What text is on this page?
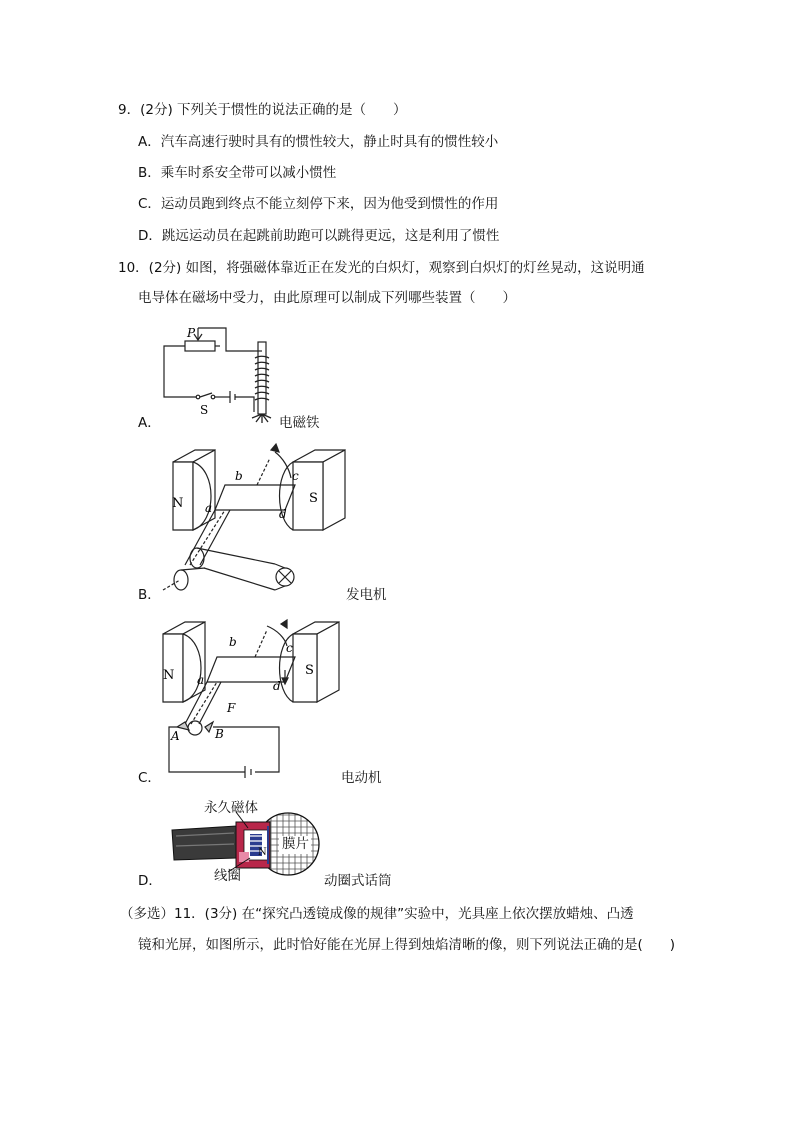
9．(2分) 下列关于惯性的说法正确的是（　　）
A．汽车高速行驶时具有的惯性较大，静止时具有的惯性较小
B．乘车时系安全带可以减小惯性
C．运动员跑到终点不能立刻停下来，因为他受到惯性的作用
D．跳远运动员在起跳前助跑可以跳得更远，这是利用了惯性
10．(2分) 如图，将强磁体靠近正在发光的白炽灯，观察到白炽灯的灯丝晃动，这说明通
电导体在磁场中受力，由此原理可以制成下列哪些装置（　　）
P
S
A．	电磁铁
N	S
a
b	c
d
B．	发电机
N	S
a
b	c
d
F
A	B
C．	电动机
N
永久磁体
膜片
线圈
D．	动圈式话筒
（多选）11．(3分) 在“探究凸透镜成像的规律”实验中，光具座上依次摆放蜡烛、凸透
镜和光屏，如图所示，此时恰好能在光屏上得到烛焰清晰的像，则下列说法正确的是(　　)
